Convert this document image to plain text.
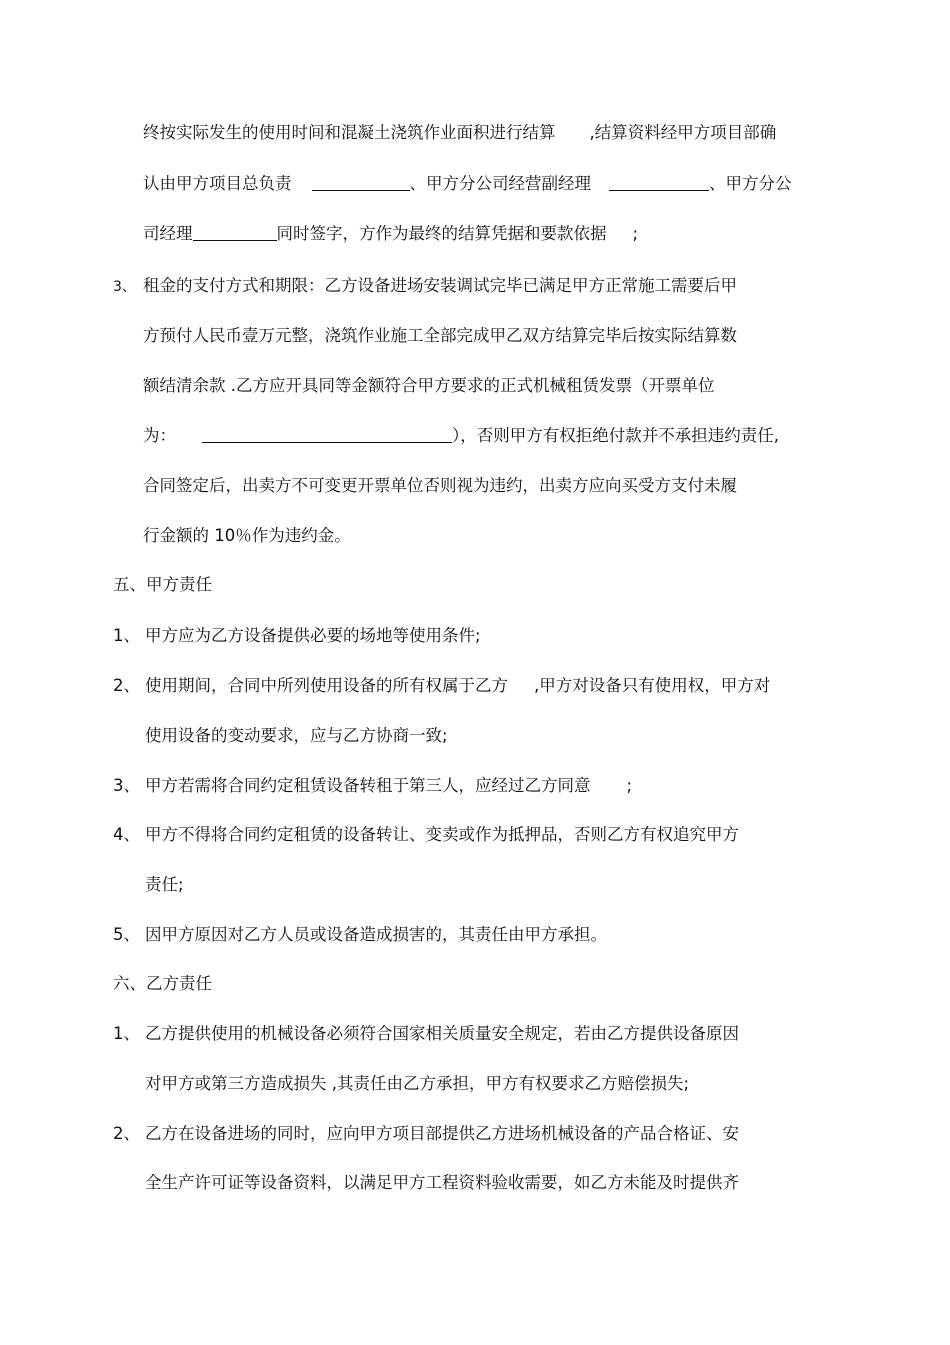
终按实际发生的使用时间和混凝土浇筑作业面积进行结算 ,结算资料经甲方项目部确
认由甲方项目总负责	、甲方分公司经营副经理	、甲方分公
司经理	同时签字，方作为最终的结算凭据和要款依据 ;
3、 租金的支付方式和期限：乙方设备进场安装调试完毕已满足甲方正常施工需要后甲
方预付人民币壹万元整，浇筑作业施工全部完成甲乙双方结算完毕后按实际结算数
额结清余款 .乙方应开具同等金额符合甲方要求的正式机械租赁发票（开票单位
为：	），否则甲方有权拒绝付款并不承担违约责任,
合同签定后，出卖方不可变更开票单位否则视为违约，出卖方应向买受方支付未履
行金额的 10％作为违约金。
五、甲方责任
1、 甲方应为乙方设备提供必要的场地等使用条件;
2、 使用期间，合同中所列使用设备的所有权属于乙方 ,甲方对设备只有使用权，甲方对
使用设备的变动要求，应与乙方协商一致;
3、 甲方若需将合同约定租赁设备转租于第三人，应经过乙方同意 ;
4、 甲方不得将合同约定租赁的设备转让、变卖或作为抵押品，否则乙方有权追究甲方
责任;
5、 因甲方原因对乙方人员或设备造成损害的，其责任由甲方承担。
六、乙方责任
1、 乙方提供使用的机械设备必须符合国家相关质量安全规定，若由乙方提供设备原因
对甲方或第三方造成损失 ,其责任由乙方承担，甲方有权要求乙方赔偿损失;
2、 乙方在设备进场的同时，应向甲方项目部提供乙方进场机械设备的产品合格证、安
全生产许可证等设备资料，以满足甲方工程资料验收需要，如乙方未能及时提供齐
